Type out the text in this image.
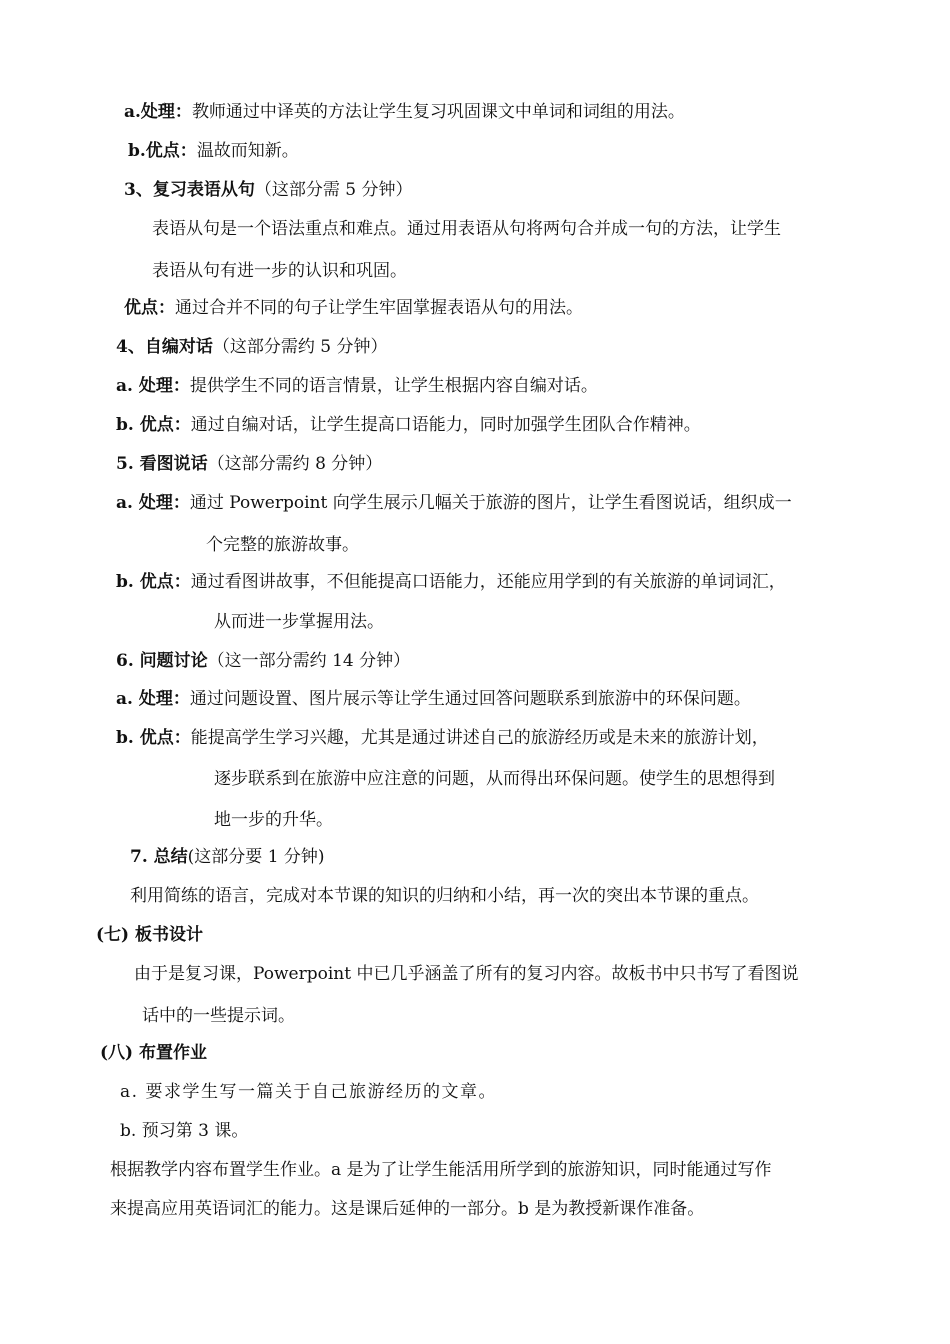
a.处理：教师通过中译英的方法让学生复习巩固课文中单词和词组的用法。
b.优点：温故而知新。
3、复习表语从句（这部分需 5 分钟）
表语从句是一个语法重点和难点。通过用表语从句将两句合并成一句的方法，让学生
表语从句有进一步的认识和巩固。
优点：通过合并不同的句子让学生牢固掌握表语从句的用法。
4、自编对话（这部分需约 5 分钟）
a. 处理：提供学生不同的语言情景，让学生根据内容自编对话。
b. 优点：通过自编对话，让学生提高口语能力，同时加强学生团队合作精神。
5. 看图说话（这部分需约 8 分钟）
a. 处理：通过 Powerpoint 向学生展示几幅关于旅游的图片，让学生看图说话，组织成一
个完整的旅游故事。
b. 优点：通过看图讲故事，不但能提高口语能力，还能应用学到的有关旅游的单词词汇，
从而进一步掌握用法。
6. 问题讨论（这一部分需约 14 分钟）
a. 处理：通过问题设置、图片展示等让学生通过回答问题联系到旅游中的环保问题。
b. 优点：能提高学生学习兴趣，尤其是通过讲述自己的旅游经历或是未来的旅游计划，
逐步联系到在旅游中应注意的问题，从而得出环保问题。使学生的思想得到
地一步的升华。
7. 总结(这部分要 1 分钟)
利用简练的语言，完成对本节课的知识的归纳和小结，再一次的突出本节课的重点。
(七) 板书设计
由于是复习课，Powerpoint 中已几乎涵盖了所有的复习内容。故板书中只书写了看图说
话中的一些提示词。
(八) 布置作业
a. 要求学生写一篇关于自己旅游经历的文章。
b. 预习第 3 课。
根据教学内容布置学生作业。a 是为了让学生能活用所学到的旅游知识，同时能通过写作
来提高应用英语词汇的能力。这是课后延伸的一部分。b 是为教授新课作准备。
